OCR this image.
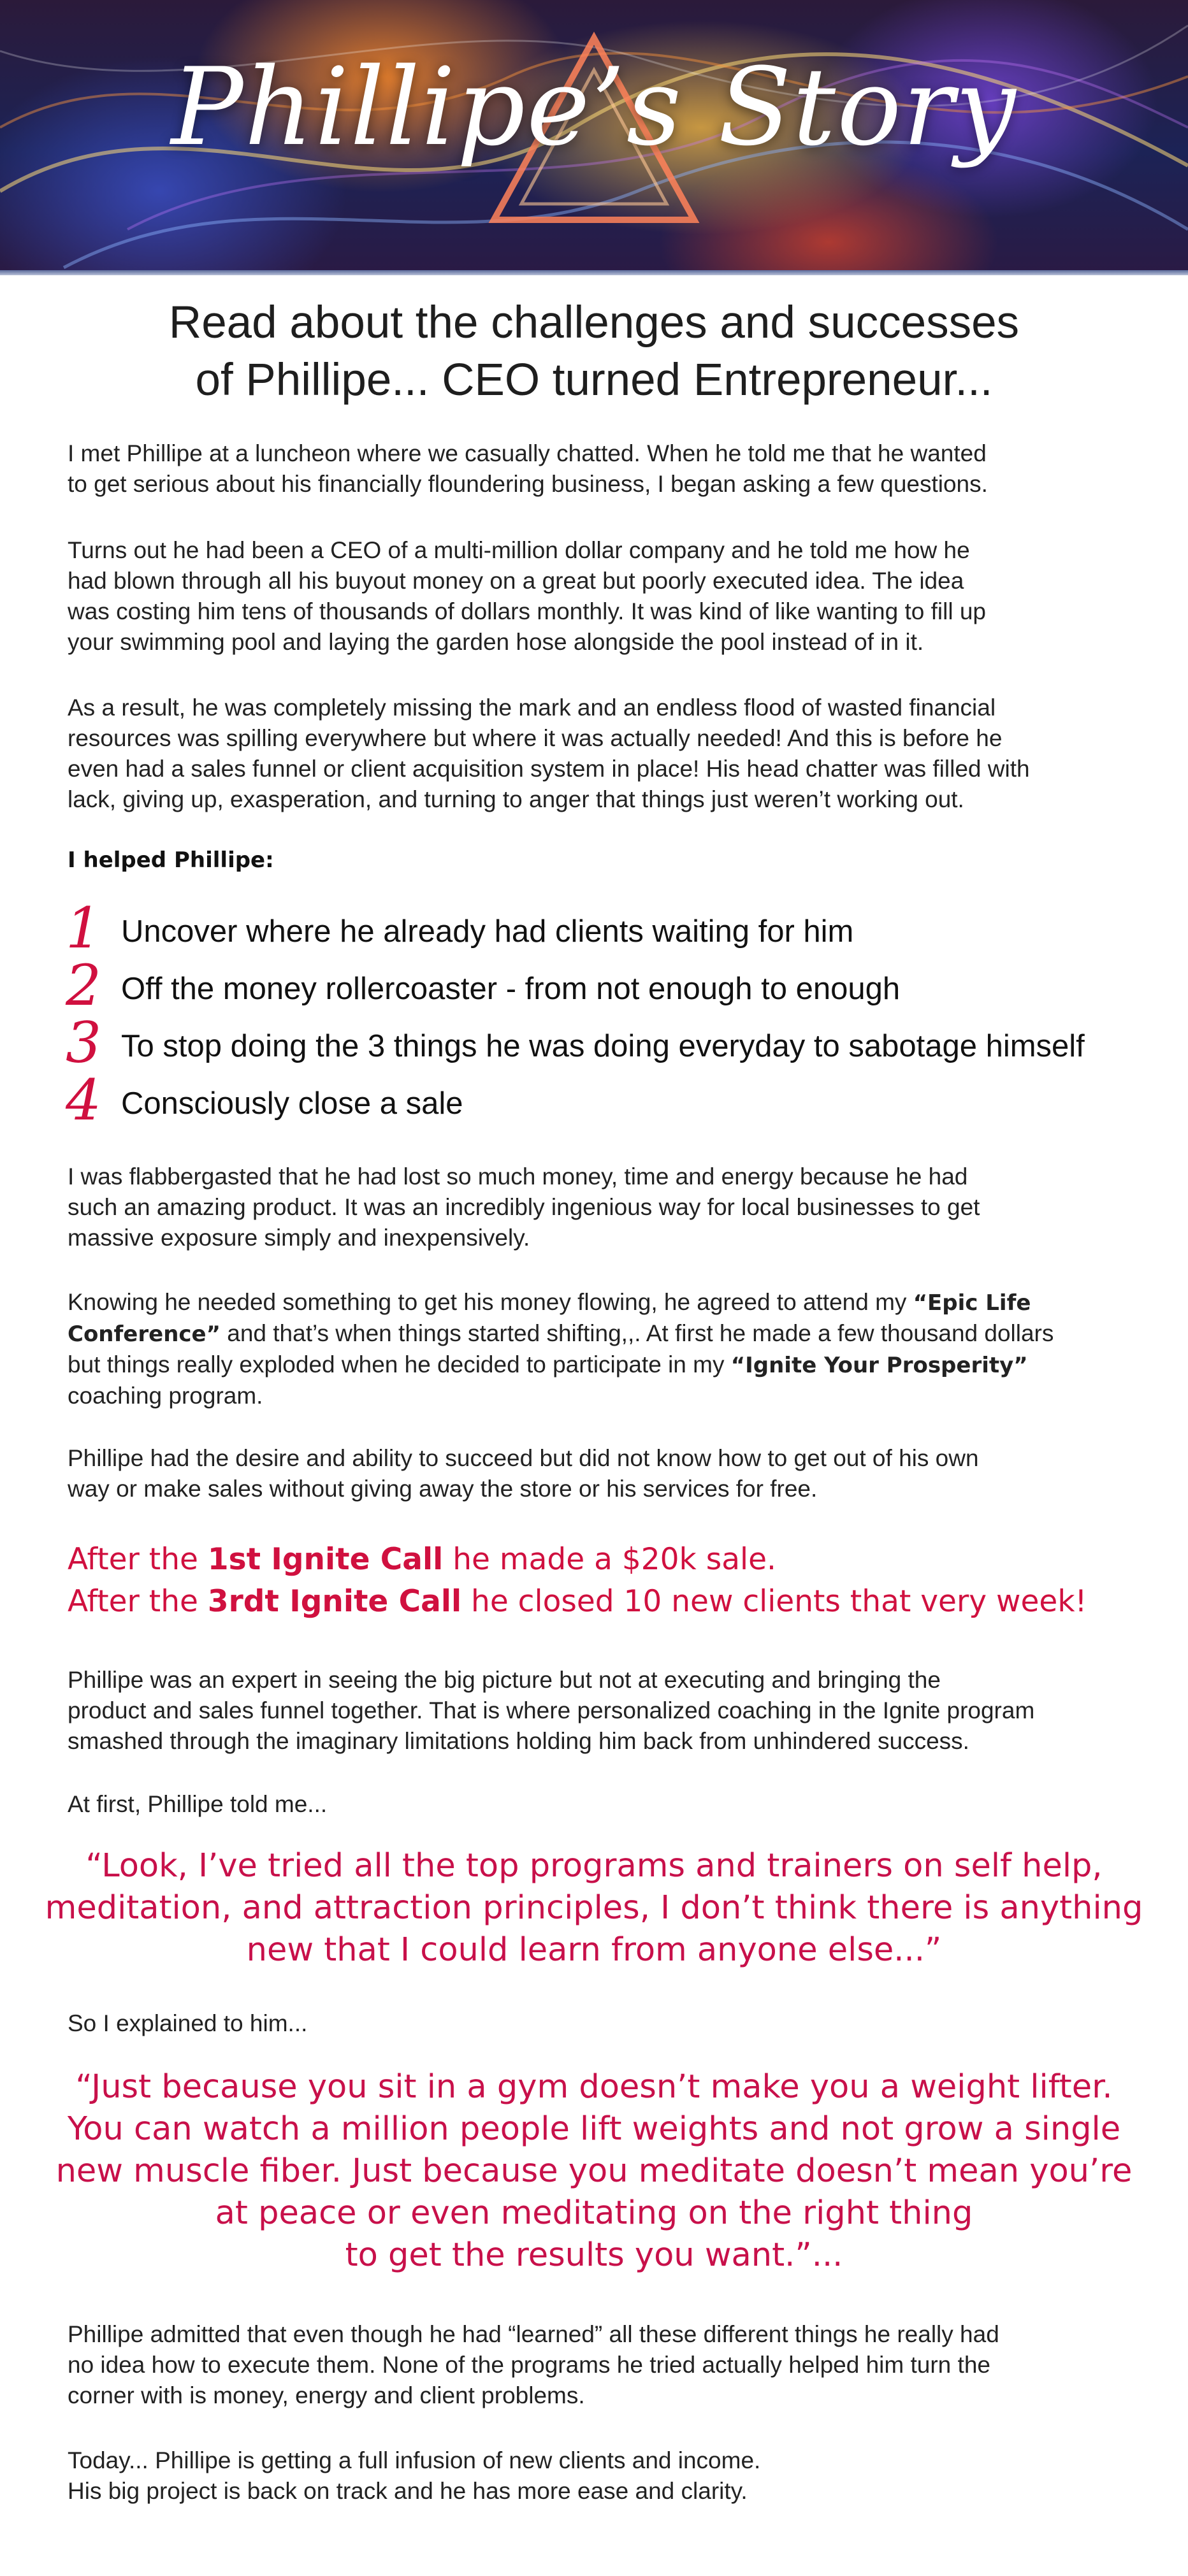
Phillipe’s Story
Read about the challenges and successes
of Phillipe... CEO turned Entrepreneur...

I met Phillipe at a luncheon where we casually chatted. When he told me that he wanted
to get serious about his financially floundering business, I began asking a few questions.

Turns out he had been a CEO of a multi-million dollar company and he told me how he
had blown through all his buyout money on a great but poorly executed idea. The idea
was costing him tens of thousands of dollars monthly. It was kind of like wanting to fill up
your swimming pool and laying the garden hose alongside the pool instead of in it.

As a result, he was completely missing the mark and an endless flood of wasted financial
resources was spilling everywhere but where it was actually needed! And this is before he
even had a sales funnel or client acquisition system in place! His head chatter was filled with
lack, giving up, exasperation, and turning to anger that things just weren’t working out.

I helped Phillipe:

1 Uncover where he already had clients waiting for him
2 Off the money rollercoaster - from not enough to enough
3 To stop doing the 3 things he was doing everyday to sabotage himself
4 Consciously close a sale

I was flabbergasted that he had lost so much money, time and energy because he had
such an amazing product. It was an incredibly ingenious way for local businesses to get
massive exposure simply and inexpensively.

Knowing he needed something to get his money flowing, he agreed to attend my “Epic Life
Conference” and that’s when things started shifting,,. At first he made a few thousand dollars
but things really exploded when he decided to participate in my “Ignite Your Prosperity”
coaching program.

Phillipe had the desire and ability to succeed but did not know how to get out of his own
way or make sales without giving away the store or his services for free.

After the 1st Ignite Call he made a $20k sale.
After the 3rdt Ignite Call he closed 10 new clients that very week!

Phillipe was an expert in seeing the big picture but not at executing and bringing the
product and sales funnel together. That is where personalized coaching in the Ignite program
smashed through the imaginary limitations holding him back from unhindered success.

At first, Phillipe told me...

“Look, I’ve tried all the top programs and trainers on self help,
meditation, and attraction principles, I don’t think there is anything
new that I could learn from anyone else...”

So I explained to him...

“Just because you sit in a gym doesn’t make you a weight lifter.
You can watch a million people lift weights and not grow a single
new muscle fiber. Just because you meditate doesn’t mean you’re
at peace or even meditating on the right thing
to get the results you want.”...

Phillipe admitted that even though he had “learned” all these different things he really had
no idea how to execute them. None of the programs he tried actually helped him turn the
corner with is money, energy and client problems.

Today... Phillipe is getting a full infusion of new clients and income.
His big project is back on track and he has more ease and clarity.
